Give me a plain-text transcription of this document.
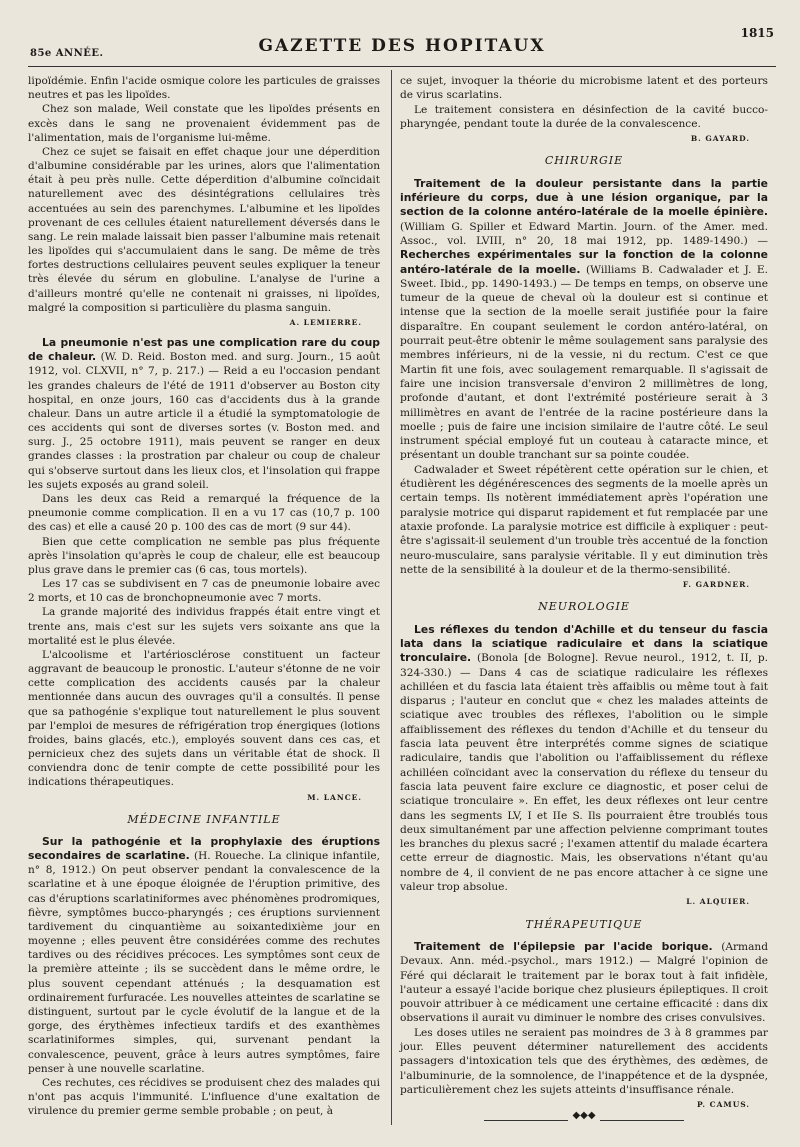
85e ANNÉE.	GAZETTE DES HOPITAUX
1815

lipoïdémie. Enfin l'acide osmique colore les particules de graisses neutres et pas les lipoïdes.

Chez son malade, Weil constate que les lipoïdes présents en excès dans le sang ne provenaient évidemment pas de l'alimentation, mais de l'organisme lui-même.

Chez ce sujet se faisait en effet chaque jour une déperdition d'albumine considérable par les urines, alors que l'alimentation était à peu près nulle. Cette déperdition d'albumine coïncidait naturellement avec des désintégrations cellulaires très accentuées au sein des parenchymes. L'albumine et les lipoïdes provenant de ces cellules étaient naturellement déversés dans le sang. Le rein malade laissait bien passer l'albumine mais retenait les lipoïdes qui s'accumulaient dans le sang. De même de très fortes destructions cellulaires peuvent seules expliquer la teneur très élevée du sérum en globuline. L'analyse de l'urine a d'ailleurs montré qu'elle ne contenait ni graisses, ni lipoïdes, malgré la composition si particulière du plasma sanguin.

A. LEMIERRE.

La pneumonie n'est pas une complication rare du coup de chaleur. (W. D. Reid. Boston med. and surg. Journ., 15 août 1912, vol. CLXVII, n° 7, p. 217.) — Reid a eu l'occasion pendant les grandes chaleurs de l'été de 1911 d'observer au Boston city hospital, en onze jours, 160 cas d'accidents dus à la grande chaleur. Dans un autre article il a étudié la symptomatologie de ces accidents qui sont de diverses sortes (v. Boston med. and surg. J., 25 octobre 1911), mais peuvent se ranger en deux grandes classes : la prostration par chaleur ou coup de chaleur qui s'observe surtout dans les lieux clos, et l'insolation qui frappe les sujets exposés au grand soleil.

Dans les deux cas Reid a remarqué la fréquence de la pneumonie comme complication. Il en a vu 17 cas (10,7 p. 100 des cas) et elle a causé 20 p. 100 des cas de mort (9 sur 44).

Bien que cette complication ne semble pas plus fréquente après l'insolation qu'après le coup de chaleur, elle est beaucoup plus grave dans le premier cas (6 cas, tous mortels).

Les 17 cas se subdivisent en 7 cas de pneumonie lobaire avec 2 morts, et 10 cas de bronchopneumonie avec 7 morts.

La grande majorité des individus frappés était entre vingt et trente ans, mais c'est sur les sujets vers soixante ans que la mortalité est le plus élevée.

L'alcoolisme et l'artériosclérose constituent un facteur aggravant de beaucoup le pronostic. L'auteur s'étonne de ne voir cette complication des accidents causés par la chaleur mentionnée dans aucun des ouvrages qu'il a consultés. Il pense que sa pathogénie s'explique tout naturellement le plus souvent par l'emploi de mesures de réfrigération trop énergiques (lotions froides, bains glacés, etc.), employés souvent dans ces cas, et pernicieux chez des sujets dans un véritable état de shock. Il conviendra donc de tenir compte de cette possibilité pour les indications thérapeutiques.

M. LANCE.
MÉDECINE INFANTILE

Sur la pathogénie et la prophylaxie des éruptions secondaires de scarlatine. (H. Roueche. La clinique infantile, n° 8, 1912.) On peut observer pendant la convalescence de la scarlatine et à une époque éloignée de l'éruption primitive, des cas d'éruptions scarlatiniformes avec phénomènes prodromiques, fièvre, symptômes bucco-pharyngés ; ces éruptions surviennent tardivement du cinquantième au soixantedixième jour en moyenne ; elles peuvent être considérées comme des rechutes tardives ou des récidives précoces. Les symptômes sont ceux de la première atteinte ; ils se succèdent dans le même ordre, le plus souvent cependant atténués ; la desquamation est ordinairement furfuracée. Les nouvelles atteintes de scarlatine se distinguent, surtout par le cycle évolutif de la langue et de la gorge, des érythèmes infectieux tardifs et des exanthèmes scarlatiniformes simples, qui, survenant pendant la convalescence, peuvent, grâce à leurs autres symptômes, faire penser à une nouvelle scarlatine.

Ces rechutes, ces récidives se produisent chez des malades qui n'ont pas acquis l'immunité. L'influence d'une exaltation de virulence du premier germe semble probable ; on peut, à

ce sujet, invoquer la théorie du microbisme latent et des porteurs de virus scarlatins.

Le traitement consistera en désinfection de la cavité bucco-pharyngée, pendant toute la durée de la convalescence.

B. GAYARD.
CHIRURGIE

Traitement de la douleur persistante dans la partie inférieure du corps, due à une lésion organique, par la section de la colonne antéro-latérale de la moelle épinière. (William G. Spiller et Edward Martin. Journ. of the Amer. med. Assoc., vol. LVIII, n° 20, 18 mai 1912, pp. 1489-1490.) — Recherches expérimentales sur la fonction de la colonne antéro-latérale de la moelle. (Williams B. Cadwalader et J. E. Sweet. Ibid., pp. 1490-1493.) — De temps en temps, on observe une tumeur de la queue de cheval où la douleur est si continue et intense que la section de la moelle serait justifiée pour la faire disparaître. En coupant seulement le cordon antéro-latéral, on pourrait peut-être obtenir le même soulagement sans paralysie des membres inférieurs, ni de la vessie, ni du rectum. C'est ce que Martin fit une fois, avec soulagement remarquable. Il s'agissait de faire une incision transversale d'environ 2 millimètres de long, profonde d'autant, et dont l'extrémité postérieure serait à 3 millimètres en avant de l'entrée de la racine postérieure dans la moelle ; puis de faire une incision similaire de l'autre côté. Le seul instrument spécial employé fut un couteau à cataracte mince, et présentant un double tranchant sur sa pointe coudée.

Cadwalader et Sweet répétèrent cette opération sur le chien, et étudièrent les dégénérescences des segments de la moelle après un certain temps. Ils notèrent immédiatement après l'opération une paralysie motrice qui disparut rapidement et fut remplacée par une ataxie profonde. La paralysie motrice est difficile à expliquer : peut-être s'agissait-il seulement d'un trouble très accentué de la fonction neuro-musculaire, sans paralysie véritable. Il y eut diminution très nette de la sensibilité à la douleur et de la thermo-sensibilité.

F. GARDNER.
NEUROLOGIE

Les réflexes du tendon d'Achille et du tenseur du fascia lata dans la sciatique radiculaire et dans la sciatique tronculaire. (Bonola [de Bologne]. Revue neurol., 1912, t. II, p. 324-330.) — Dans 4 cas de sciatique radiculaire les réflexes achilléen et du fascia lata étaient très affaiblis ou même tout à fait disparus ; l'auteur en conclut que « chez les malades atteints de sciatique avec troubles des réflexes, l'abolition ou le simple affaiblissement des réflexes du tendon d'Achille et du tenseur du fascia lata peuvent être interprétés comme signes de sciatique radiculaire, tandis que l'abolition ou l'affaiblissement du réflexe achilléen coïncidant avec la conservation du réflexe du tenseur du fascia lata peuvent faire exclure ce diagnostic, et poser celui de sciatique tronculaire ». En effet, les deux réflexes ont leur centre dans les segments LV, I et IIe S. Ils pourraient être troublés tous deux simultanément par une affection pelvienne comprimant toutes les branches du plexus sacré ; l'examen attentif du malade écartera cette erreur de diagnostic. Mais, les observations n'étant qu'au nombre de 4, il convient de ne pas encore attacher à ce signe une valeur trop absolue.

L. ALQUIER.
THÉRAPEUTIQUE

Traitement de l'épilepsie par l'acide borique. (Armand Devaux. Ann. méd.-psychol., mars 1912.) — Malgré l'opinion de Féré qui déclarait le traitement par le borax tout à fait infidèle, l'auteur a essayé l'acide borique chez plusieurs épileptiques. Il croit pouvoir attribuer à ce médicament une certaine efficacité : dans dix observations il aurait vu diminuer le nombre des crises convulsives.

Les doses utiles ne seraient pas moindres de 3 à 8 grammes par jour. Elles peuvent déterminer naturellement des accidents passagers d'intoxication tels que des érythèmes, des œdèmes, de l'albuminurie, de la somnolence, de l'inappétence et de la dyspnée, particulièrement chez les sujets atteints d'insuffisance rénale.

P. CAMUS.
◆◆◆
